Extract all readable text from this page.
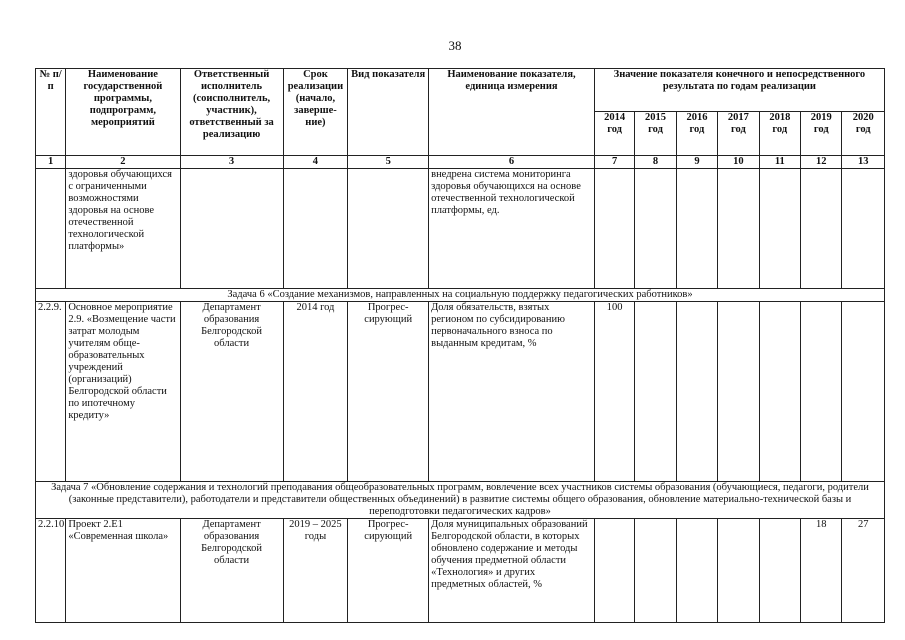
38
№ п/п	Наименование государственной программы, подпрограмм, мероприятий	Ответственный исполнитель (соисполнитель, участник), ответственный за реализацию	Срок реализации (начало, заверше-ние)	Вид показателя	Наименование показателя, единица измерения	Значение показателя конечного и непосредственного результата по годам реализации						
						2014 год	2015 год	2016 год	2017 год	2018 год	2019 год	2020 год
1	2	3	4	5	6	7	8	9	10	11	12	13
	здоровья обучающихся с ограниченными возможностями здоровья на основе отечественной технологической платформы»				внедрена система мониторинга здоровья обучающихся на основе отечественной технологической платформы, ед.							
Задача 6 «Создание механизмов, направленных на социальную поддержку педагогических работников»												
2.2.9.	Основное мероприятие 2.9. «Возмещение части затрат молодым учителям обще-образовательных учреждений (организаций) Белгородской области по ипотечному кредиту»	Департамент образования Белгородской области	2014 год	Прогрес-сирующий	Доля обязательств, взятых регионом по субсидированию первоначального взноса по выданным кредитам, %	100						
Задача 7 «Обновление содержания и технологий преподавания общеобразовательных программ, вовлечение всех участников системы образования (обучающиеся, педагоги, родители (законные представители), работодатели и представители общественных объединений) в развитие системы общего образования, обновление материально-технической базы и переподготовки педагогических кадров»												
2.2.10	Проект 2.Е1 «Современная школа»	Департамент образования Белгородской области	2019 – 2025 годы	Прогрес-сирующий	Доля муниципальных образований Белгородской области, в которых обновлено содержание и методы обучения предметной области «Технология» и других предметных областей, %						18	27
